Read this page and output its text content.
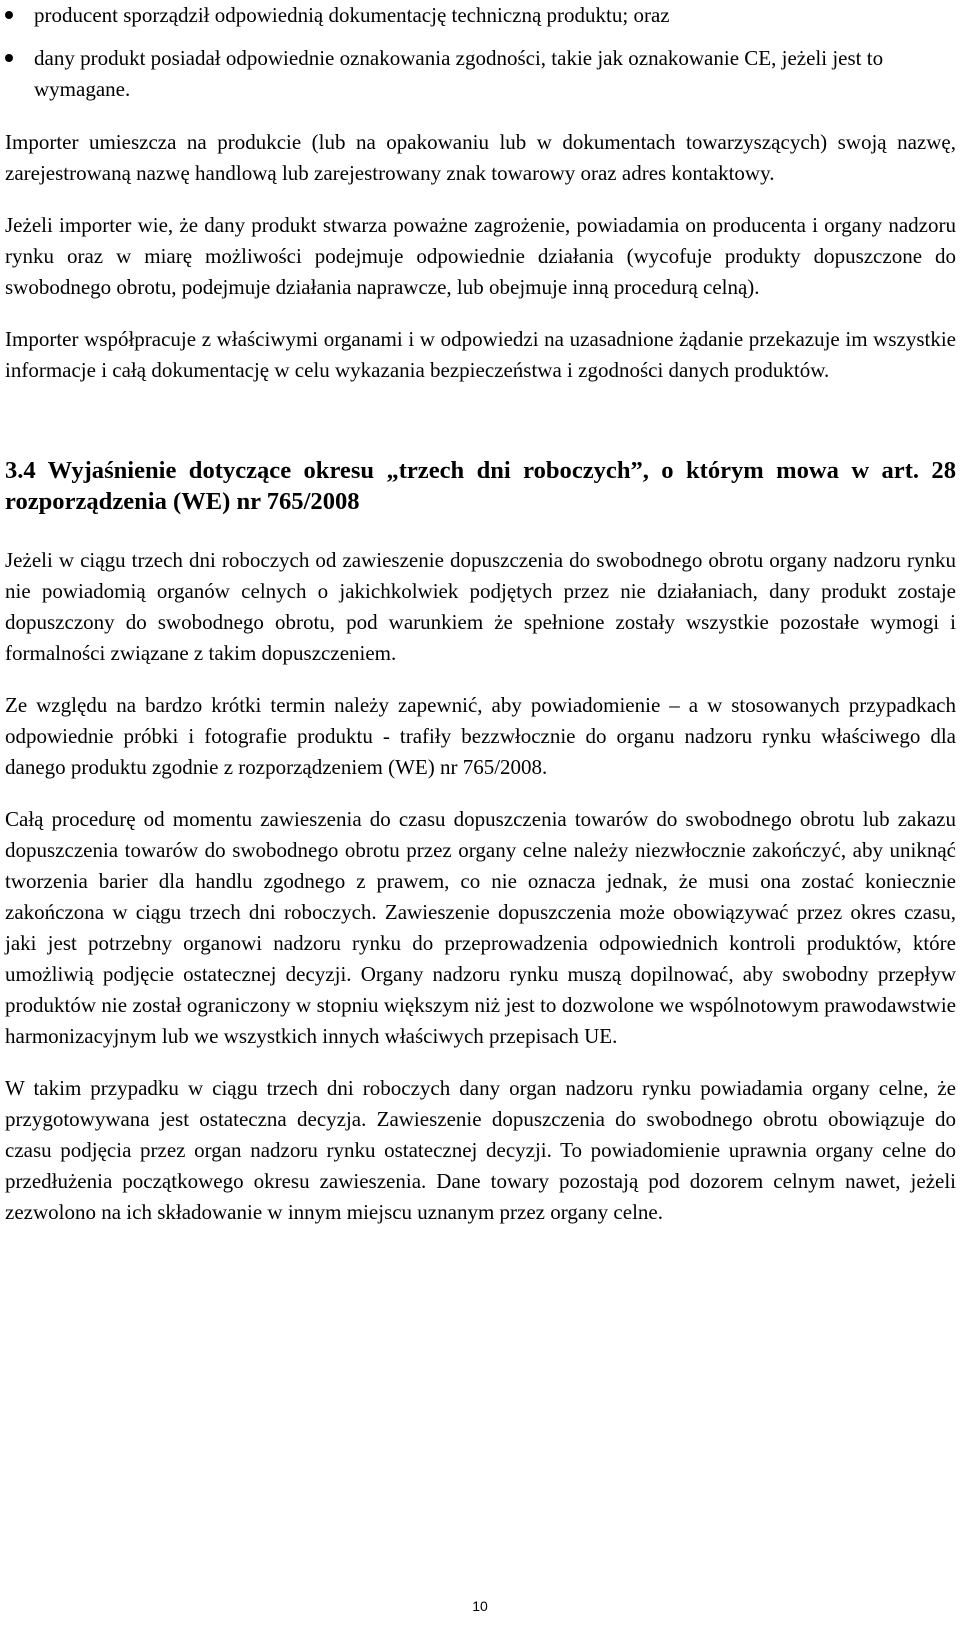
producent sporządził odpowiednią dokumentację techniczną produktu; oraz
dany produkt posiadał odpowiednie oznakowania zgodności, takie jak oznakowanie CE, jeżeli jest to wymagane.

Importer umieszcza na produkcie (lub na opakowaniu lub w dokumentach towarzyszących) swoją nazwę, zarejestrowaną nazwę handlową lub zarejestrowany znak towarowy oraz adres kontaktowy.

Jeżeli importer wie, że dany produkt stwarza poważne zagrożenie, powiadamia on producenta i organy nadzoru rynku oraz w miarę możliwości podejmuje odpowiednie działania (wycofuje produkty dopuszczone do swobodnego obrotu, podejmuje działania naprawcze, lub obejmuje inną procedurą celną).

Importer współpracuje z właściwymi organami i w odpowiedzi na uzasadnione żądanie przekazuje im wszystkie informacje i całą dokumentację w celu wykazania bezpieczeństwa i zgodności danych produktów.

3.4 Wyjaśnienie dotyczące okresu „trzech dni roboczych”, o którym mowa w art. 28 rozporządzenia (WE) nr 765/2008

Jeżeli w ciągu trzech dni roboczych od zawieszenie dopuszczenia do swobodnego obrotu organy nadzoru rynku nie powiadomią organów celnych o jakichkolwiek podjętych przez nie działaniach, dany produkt zostaje dopuszczony do swobodnego obrotu, pod warunkiem że spełnione zostały wszystkie pozostałe wymogi i formalności związane z takim dopuszczeniem.

Ze względu na bardzo krótki termin należy zapewnić, aby powiadomienie – a w stosowanych przypadkach odpowiednie próbki i fotografie produktu - trafiły bezzwłocznie do organu nadzoru rynku właściwego dla danego produktu zgodnie z rozporządzeniem (WE) nr 765/2008.

Całą procedurę od momentu zawieszenia do czasu dopuszczenia towarów do swobodnego obrotu lub zakazu dopuszczenia towarów do swobodnego obrotu przez organy celne należy niezwłocznie zakończyć, aby uniknąć tworzenia barier dla handlu zgodnego z prawem, co nie oznacza jednak, że musi ona zostać koniecznie zakończona w ciągu trzech dni roboczych. Zawieszenie dopuszczenia może obowiązywać przez okres czasu, jaki jest potrzebny organowi nadzoru rynku do przeprowadzenia odpowiednich kontroli produktów, które umożliwią podjęcie ostatecznej decyzji. Organy nadzoru rynku muszą dopilnować, aby swobodny przepływ produktów nie został ograniczony w stopniu większym niż jest to dozwolone we wspólnotowym prawodawstwie harmonizacyjnym lub we wszystkich innych właściwych przepisach UE.

W takim przypadku w ciągu trzech dni roboczych dany organ nadzoru rynku powiadamia organy celne, że przygotowywana jest ostateczna decyzja. Zawieszenie dopuszczenia do swobodnego obrotu obowiązuje do czasu podjęcia przez organ nadzoru rynku ostatecznej decyzji. To powiadomienie uprawnia organy celne do przedłużenia początkowego okresu zawieszenia. Dane towary pozostają pod dozorem celnym nawet, jeżeli zezwolono na ich składowanie w innym miejscu uznanym przez organy celne.

10
